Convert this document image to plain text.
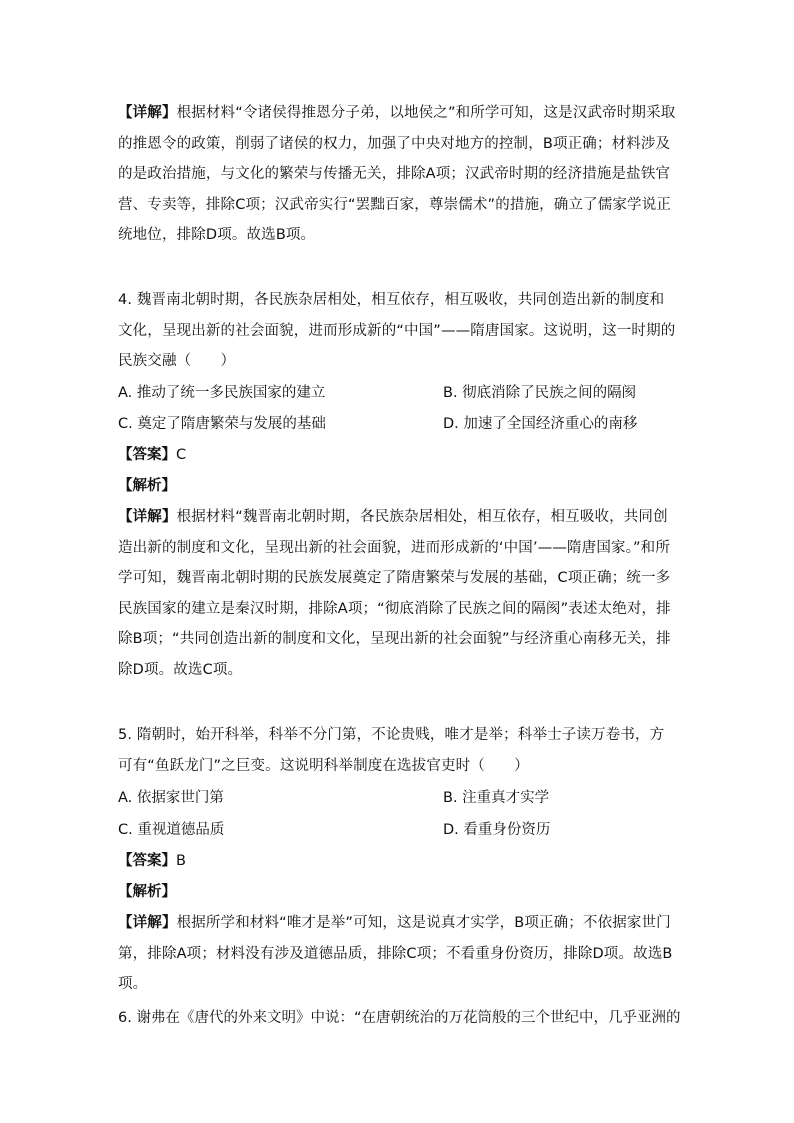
【详解】根据材料“令诸侯得推恩分子弟，以地侯之”和所学可知，这是汉武帝时期采取的推恩令的政策，削弱了诸侯的权力，加强了中央对地方的控制，B项正确；材料涉及的是政治措施，与文化的繁荣与传播无关，排除A项；汉武帝时期的经济措施是盐铁官营、专卖等，排除C项；汉武帝实行“罢黜百家，尊崇儒术”的措施，确立了儒家学说正统地位，排除D项。故选B项。
4. 魏晋南北朝时期，各民族杂居相处，相互依存，相互吸收，共同创造出新的制度和文化，呈现出新的社会面貌，进而形成新的“中国”——隋唐国家。这说明，这一时期的民族交融（　　）
A. 推动了统一多民族国家的建立	B. 彻底消除了民族之间的隔阂
C. 奠定了隋唐繁荣与发展的基础	D. 加速了全国经济重心的南移
【答案】C
【解析】
【详解】根据材料“魏晋南北朝时期，各民族杂居相处，相互依存，相互吸收，共同创造出新的制度和文化，呈现出新的社会面貌，进而形成新的‘中国’——隋唐国家。”和所学可知，魏晋南北朝时期的民族发展奠定了隋唐繁荣与发展的基础，C项正确；统一多民族国家的建立是秦汉时期，排除A项；“彻底消除了民族之间的隔阂”表述太绝对，排除B项；“共同创造出新的制度和文化，呈现出新的社会面貌”与经济重心南移无关，排除D项。故选C项。
5. 隋朝时，始开科举，科举不分门第，不论贵贱，唯才是举；科举士子读万卷书，方可有“鱼跃龙门”之巨变。这说明科举制度在选拔官吏时（　　）
A. 依据家世门第	B. 注重真才实学
C. 重视道德品质	D. 看重身份资历
【答案】B
【解析】
【详解】根据所学和材料“唯才是举”可知，这是说真才实学，B项正确；不依据家世门第，排除A项；材料没有涉及道德品质，排除C项；不看重身份资历，排除D项。故选B项。
6. 谢弗在《唐代的外来文明》中说：“在唐朝统治的万花筒般的三个世纪中，几乎亚洲的
